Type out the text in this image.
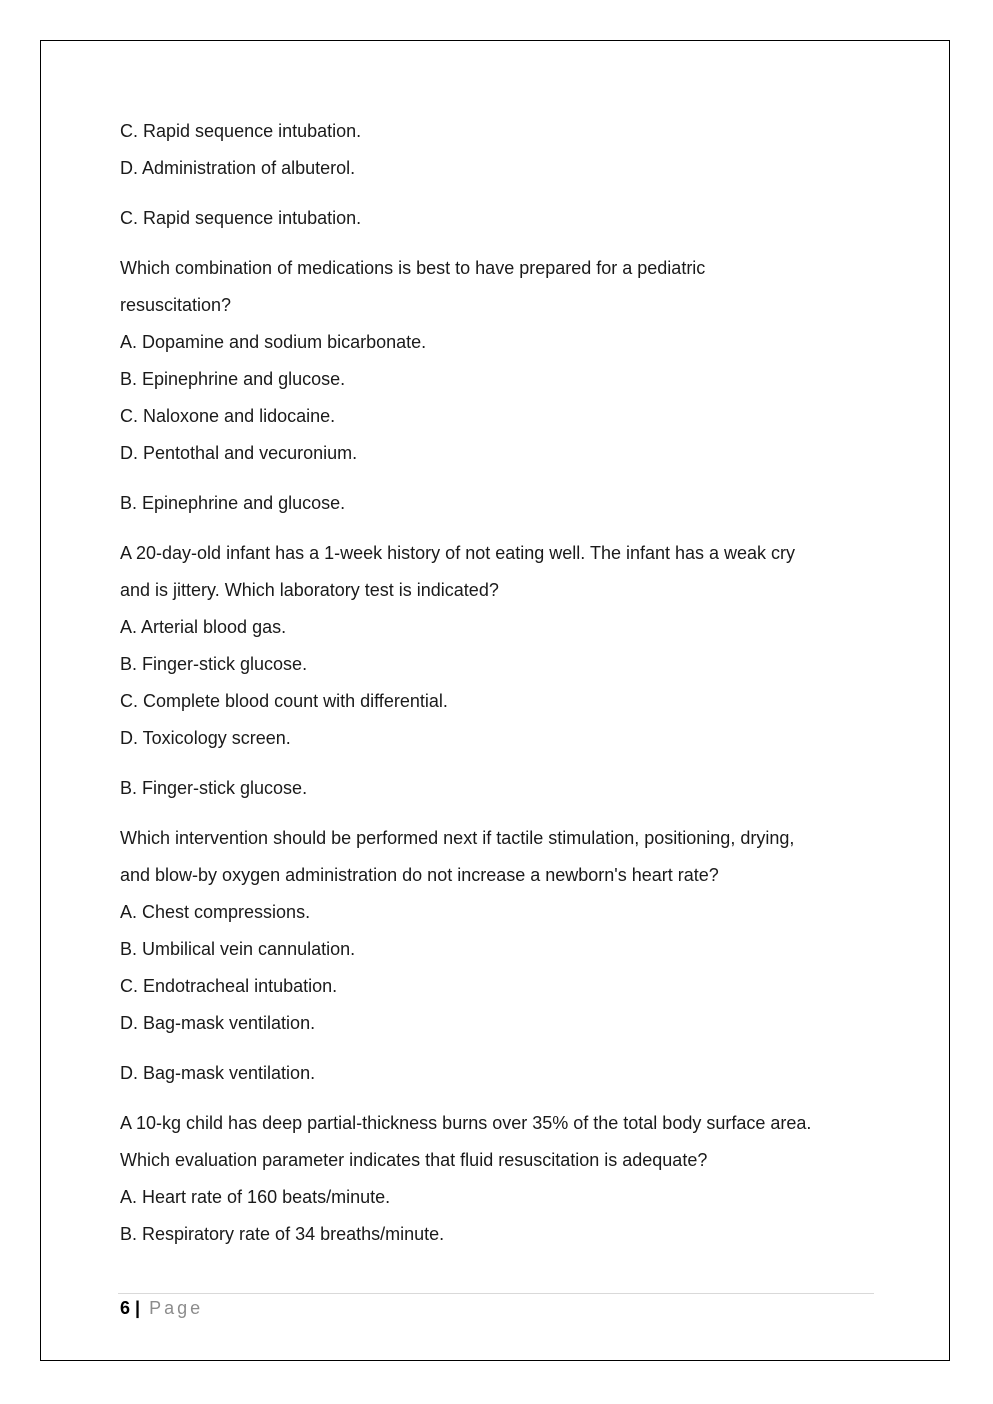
C. Rapid sequence intubation.
D. Administration of albuterol.
C. Rapid sequence intubation.
Which combination of medications is best to have prepared for a pediatric
resuscitation?
A. Dopamine and sodium bicarbonate.
B. Epinephrine and glucose.
C. Naloxone and lidocaine.
D. Pentothal and vecuronium.
B. Epinephrine and glucose.
A 20-day-old infant has a 1-week history of not eating well. The infant has a weak cry
and is jittery. Which laboratory test is indicated?
A. Arterial blood gas.
B. Finger-stick glucose.
C. Complete blood count with differential.
D. Toxicology screen.
B. Finger-stick glucose.
Which intervention should be performed next if tactile stimulation, positioning, drying,
and blow-by oxygen administration do not increase a newborn's heart rate?
A. Chest compressions.
B. Umbilical vein cannulation.
C. Endotracheal intubation.
D. Bag-mask ventilation.
D. Bag-mask ventilation.
A 10-kg child has deep partial-thickness burns over 35% of the total body surface area.
Which evaluation parameter indicates that fluid resuscitation is adequate?
A. Heart rate of 160 beats/minute.
B. Respiratory rate of 34 breaths/minute.
6 | Page
